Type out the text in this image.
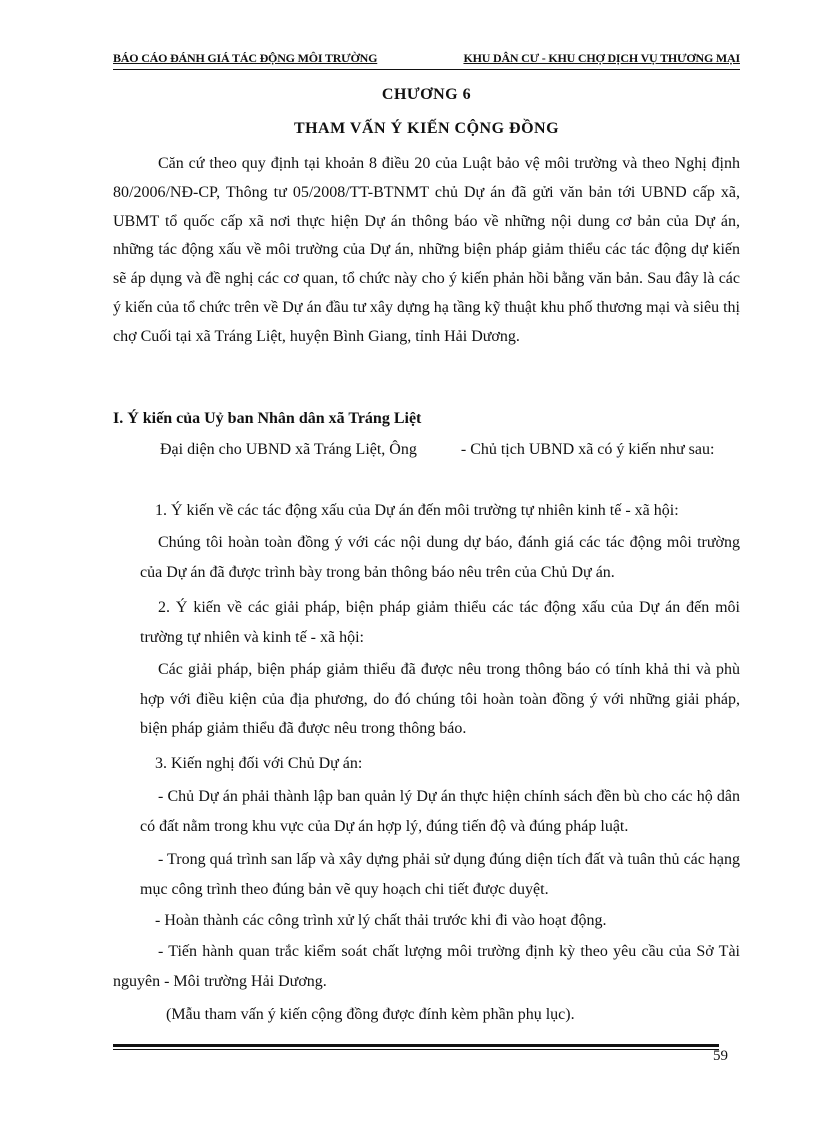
BÁO CÁO ĐÁNH GIÁ TÁC ĐỘNG MÔI TRƯỜNG	KHU DÂN CƯ - KHU CHỢ DỊCH VỤ THƯƠNG MẠI
CHƯƠNG 6
THAM VẤN Ý KIẾN CỘNG ĐỒNG

Căn cứ theo quy định tại khoản 8 điều 20 của Luật bảo vệ môi trường và theo Nghị định 80/2006/NĐ-CP, Thông tư 05/2008/TT-BTNMT chủ Dự án đã gửi văn bản tới UBND cấp xã, UBMT tổ quốc cấp xã nơi thực hiện Dự án thông báo về những nội dung cơ bản của Dự án, những tác động xấu về môi trường của Dự án, những biện pháp giảm thiểu các tác động dự kiến sẽ áp dụng và đề nghị các cơ quan, tổ chức này cho ý kiến phản hồi bằng văn bản. Sau đây là các ý kiến của tổ chức trên về Dự án đầu tư xây dựng hạ tầng kỹ thuật khu phố thương mại và siêu thị chợ Cuối tại xã Tráng Liệt, huyện Bình Giang, tỉnh Hải Dương.

I. Ý kiến của Uỷ ban Nhân dân xã Tráng Liệt

Đại diện cho UBND xã Tráng Liệt, Ông           - Chủ tịch UBND xã có ý kiến như sau:

1. Ý kiến về các tác động xấu của Dự án đến môi trường tự nhiên kinh tế - xã hội:

Chúng tôi hoàn toàn đồng ý với các nội dung dự báo, đánh giá các tác động môi trường của Dự án đã được trình bày trong bản thông báo nêu trên của Chủ Dự án.

2. Ý kiến về các giải pháp, biện pháp giảm thiểu các tác động xấu của Dự án đến môi trường tự nhiên và kinh tế - xã hội:

Các giải pháp, biện pháp giảm thiểu đã được nêu trong thông báo có tính khả thi và phù hợp với điều kiện của địa phương, do đó chúng tôi hoàn toàn đồng ý với những giải pháp, biện pháp giảm thiểu đã được nêu trong thông báo.

3. Kiến nghị đối với Chủ Dự án:

- Chủ Dự án phải thành lập ban quản lý Dự án thực hiện chính sách đền bù cho các hộ dân có đất nằm trong khu vực của Dự án hợp lý, đúng tiến độ và đúng pháp luật.

- Trong quá trình san lấp và xây dựng phải sử dụng đúng diện tích đất và tuân thủ các hạng mục công trình theo đúng bản vẽ quy hoạch chi tiết được duyệt.

- Hoàn thành các công trình xử lý chất thải trước khi đi vào hoạt động.

- Tiến hành quan trắc kiểm soát chất lượng môi trường định kỳ theo yêu cầu của Sở Tài nguyên - Môi trường Hải Dương.

(Mẫu tham vấn ý kiến cộng đồng được đính kèm phần phụ lục).

59
